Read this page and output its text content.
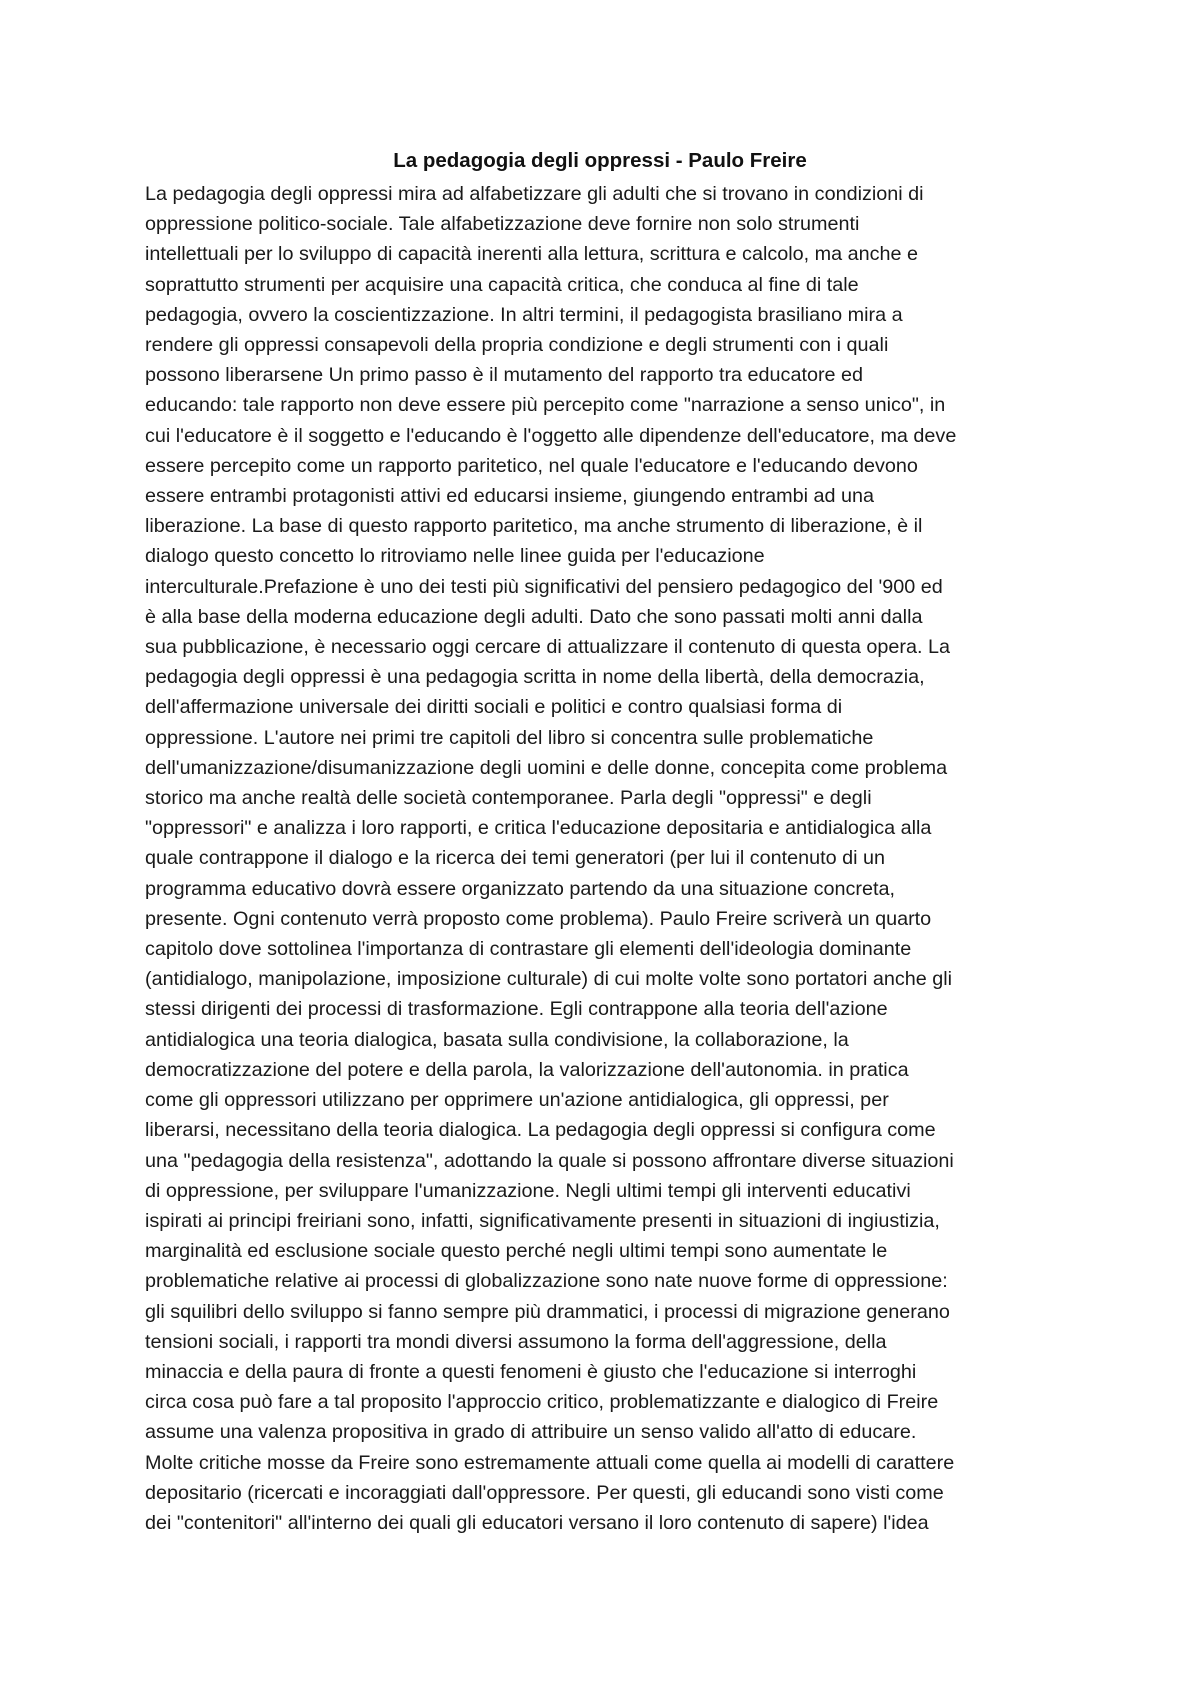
La pedagogia degli oppressi - Paulo Freire
La pedagogia degli oppressi mira ad alfabetizzare gli adulti che si trovano in condizioni di
oppressione politico-sociale. Tale alfabetizzazione deve fornire non solo strumenti
intellettuali per lo sviluppo di capacità inerenti alla lettura, scrittura e calcolo, ma anche e
soprattutto strumenti per acquisire una capacità critica, che conduca al fine di tale
pedagogia, ovvero la coscientizzazione. In altri termini, il pedagogista brasiliano mira a
rendere gli oppressi consapevoli della propria condizione e degli strumenti con i quali
possono liberarsene Un primo passo è il mutamento del rapporto tra educatore ed
educando: tale rapporto non deve essere più percepito come "narrazione a senso unico", in
cui l'educatore è il soggetto e l'educando è l'oggetto alle dipendenze dell'educatore, ma deve
essere percepito come un rapporto paritetico, nel quale l'educatore e l'educando devono
essere entrambi protagonisti attivi ed educarsi insieme, giungendo entrambi ad una
liberazione. La base di questo rapporto paritetico, ma anche strumento di liberazione, è il
dialogo questo concetto lo ritroviamo nelle linee guida per l'educazione
interculturale.Prefazione è uno dei testi più significativi del pensiero pedagogico del '900 ed
è alla base della moderna educazione degli adulti. Dato che sono passati molti anni dalla
sua pubblicazione, è necessario oggi cercare di attualizzare il contenuto di questa opera. La
pedagogia degli oppressi è una pedagogia scritta in nome della libertà, della democrazia,
dell'affermazione universale dei diritti sociali e politici e contro qualsiasi forma di
oppressione. L'autore nei primi tre capitoli del libro si concentra sulle problematiche
dell'umanizzazione/disumanizzazione degli uomini e delle donne, concepita come problema
storico ma anche realtà delle società contemporanee. Parla degli "oppressi" e degli
"oppressori" e analizza i loro rapporti, e critica l'educazione depositaria e antidialogica alla
quale contrappone il dialogo e la ricerca dei temi generatori (per lui il contenuto di un
programma educativo dovrà essere organizzato partendo da una situazione concreta,
presente. Ogni contenuto verrà proposto come problema). Paulo Freire scriverà un quarto
capitolo dove sottolinea l'importanza di contrastare gli elementi dell'ideologia dominante
(antidialogo, manipolazione, imposizione culturale) di cui molte volte sono portatori anche gli
stessi dirigenti dei processi di trasformazione. Egli contrappone alla teoria dell'azione
antidialogica una teoria dialogica, basata sulla condivisione, la collaborazione, la
democratizzazione del potere e della parola, la valorizzazione dell'autonomia. in pratica
come gli oppressori utilizzano per opprimere un'azione antidialogica, gli oppressi, per
liberarsi, necessitano della teoria dialogica. La pedagogia degli oppressi si configura come
una "pedagogia della resistenza", adottando la quale si possono affrontare diverse situazioni
di oppressione, per sviluppare l'umanizzazione. Negli ultimi tempi gli interventi educativi
ispirati ai principi freiriani sono, infatti, significativamente presenti in situazioni di ingiustizia,
marginalità ed esclusione sociale questo perché negli ultimi tempi sono aumentate le
problematiche relative ai processi di globalizzazione sono nate nuove forme di oppressione:
gli squilibri dello sviluppo si fanno sempre più drammatici, i processi di migrazione generano
tensioni sociali, i rapporti tra mondi diversi assumono la forma dell'aggressione, della
minaccia e della paura di fronte a questi fenomeni è giusto che l'educazione si interroghi
circa cosa può fare a tal proposito l'approccio critico, problematizzante e dialogico di Freire
assume una valenza propositiva in grado di attribuire un senso valido all'atto di educare.
Molte critiche mosse da Freire sono estremamente attuali come quella ai modelli di carattere
depositario (ricercati e incoraggiati dall'oppressore. Per questi, gli educandi sono visti come
dei "contenitori" all'interno dei quali gli educatori versano il loro contenuto di sapere) l'idea
